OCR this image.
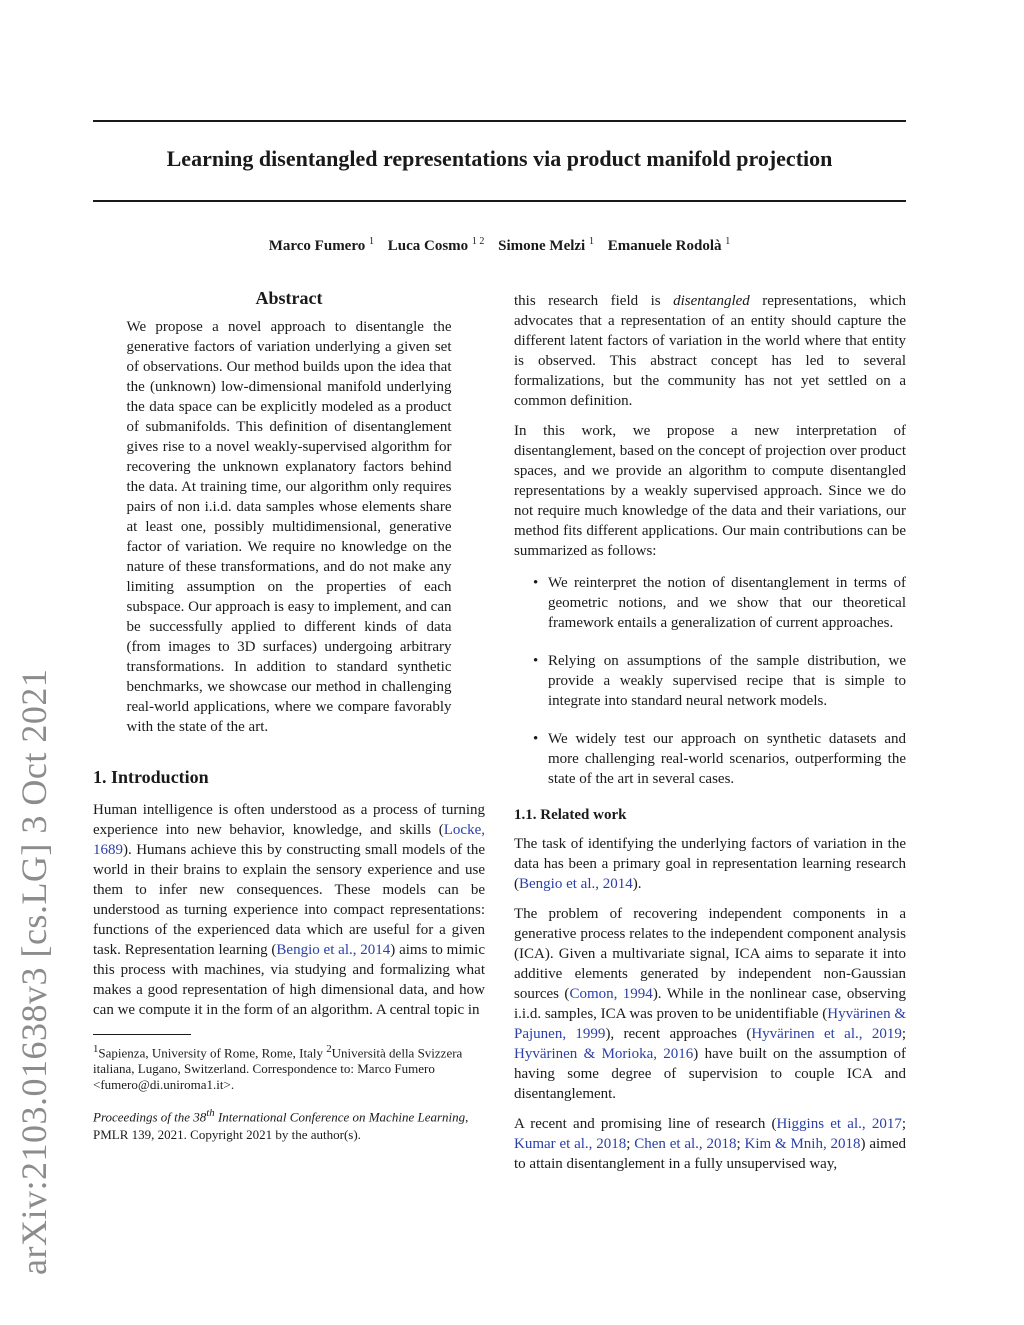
Learning disentangled representations via product manifold projection
Marco Fumero $^1$ Luca Cosmo $^{1 2}$ Simone Melzi $^1$ Emanuele Rodolà $^1$
arXiv:2103.01638v3 [cs.LG] 3 Oct 2021
Abstract

We propose a novel approach to disentangle the generative factors of variation underlying a given set of observations. Our method builds upon the idea that the (unknown) low-dimensional manifold underlying the data space can be explicitly modeled as a product of submanifolds. This definition of disentanglement gives rise to a novel weakly-supervised algorithm for recovering the unknown explanatory factors behind the data. At training time, our algorithm only requires pairs of non i.i.d. data samples whose elements share at least one, possibly multidimensional, generative factor of variation. We require no knowledge on the nature of these transformations, and do not make any limiting assumption on the properties of each subspace. Our approach is easy to implement, and can be successfully applied to different kinds of data (from images to 3D surfaces) undergoing arbitrary transformations. In addition to standard synthetic benchmarks, we showcase our method in challenging real-world applications, where we compare favorably with the state of the art.

1. Introduction

Human intelligence is often understood as a process of turning experience into new behavior, knowledge, and skills (Locke, 1689). Humans achieve this by constructing small models of the world in their brains to explain the sensory experience and use them to infer new consequences. These models can be understood as turning experience into compact representations: functions of the experienced data which are useful for a given task. Representation learning (Bengio et al., 2014) aims to mimic this process with machines, via studying and formalizing what makes a good representation of high dimensional data, and how can we compute it in the form of an algorithm. A central topic in

$^1$Sapienza, University of Rome, Rome, Italy $^2$Università della Svizzera italiana, Lugano, Switzerland. Correspondence to: Marco Fumero <fumero@di.uniroma1.it>.

Proceedings of the 38th International Conference on Machine Learning, PMLR 139, 2021. Copyright 2021 by the author(s).

this research field is disentangled representations, which advocates that a representation of an entity should capture the different latent factors of variation in the world where that entity is observed. This abstract concept has led to several formalizations, but the community has not yet settled on a common definition.

In this work, we propose a new interpretation of disentanglement, based on the concept of projection over product spaces, and we provide an algorithm to compute disentangled representations by a weakly supervised approach. Since we do not require much knowledge of the data and their variations, our method fits different applications. Our main contributions can be summarized as follows:

• We reinterpret the notion of disentanglement in terms of geometric notions, and we show that our theoretical framework entails a generalization of current approaches.
• Relying on assumptions of the sample distribution, we provide a weakly supervised recipe that is simple to integrate into standard neural network models.
• We widely test our approach on synthetic datasets and more challenging real-world scenarios, outperforming the state of the art in several cases.
1.1. Related work

The task of identifying the underlying factors of variation in the data has been a primary goal in representation learning research (Bengio et al., 2014).

The problem of recovering independent components in a generative process relates to the independent component analysis (ICA). Given a multivariate signal, ICA aims to separate it into additive elements generated by independent non-Gaussian sources (Comon, 1994). While in the nonlinear case, observing i.i.d. samples, ICA was proven to be unidentifiable (Hyvärinen & Pajunen, 1999), recent approaches (Hyvärinen et al., 2019; Hyvärinen & Morioka, 2016) have built on the assumption of having some degree of supervision to couple ICA and disentanglement.

A recent and promising line of research (Higgins et al., 2017; Kumar et al., 2018; Chen et al., 2018; Kim & Mnih, 2018) aimed to attain disentanglement in a fully unsupervised way,
